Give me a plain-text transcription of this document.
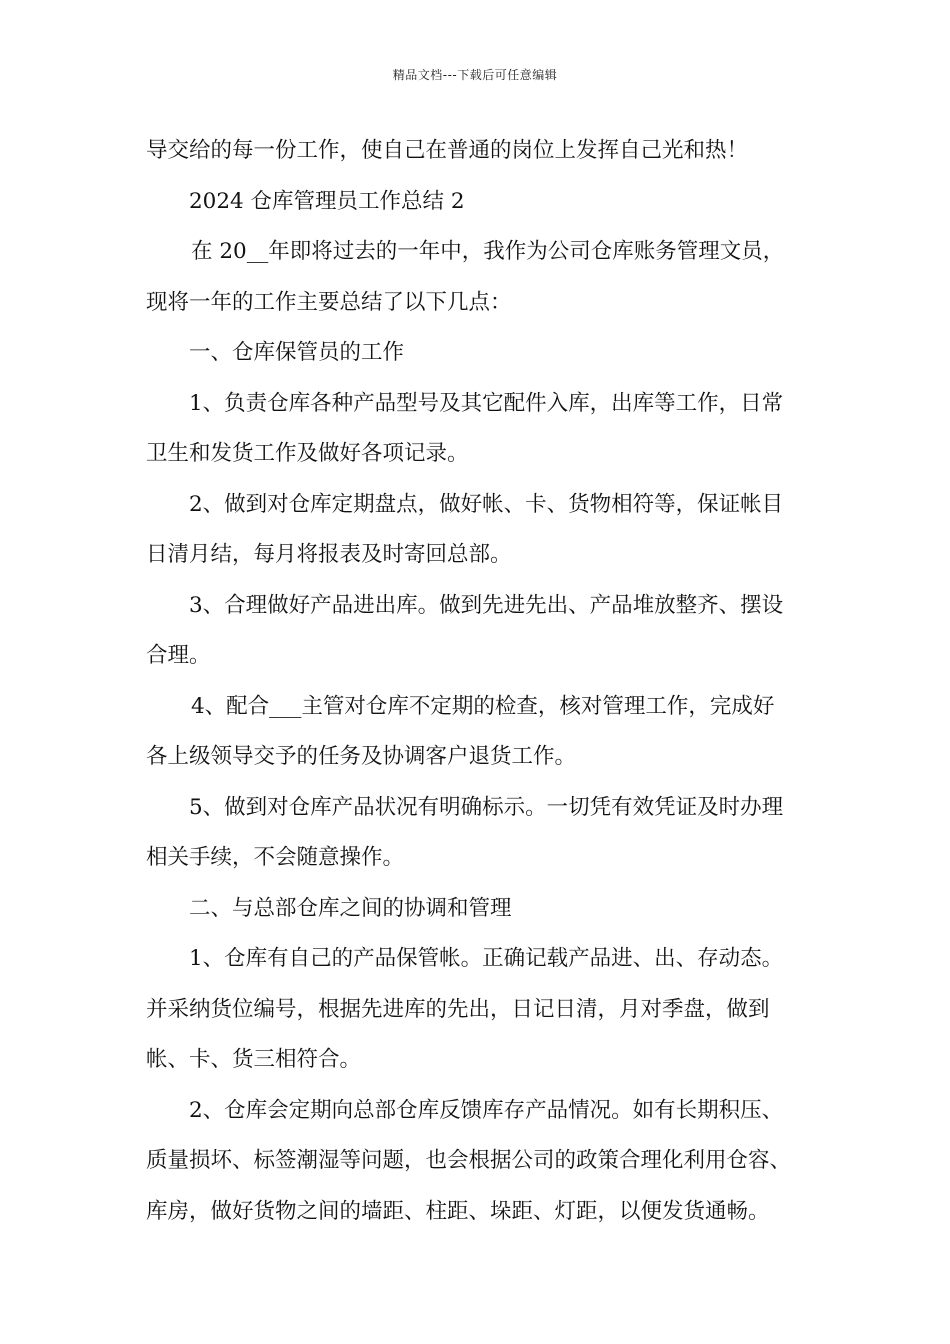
精品文档---下载后可任意编辑
导交给的每一份工作，使自己在普通的岗位上发挥自己光和热！
2024 仓库管理员工作总结 2
在 20__年即将过去的一年中，我作为公司仓库账务管理文员，
现将一年的工作主要总结了以下几点：
一、仓库保管员的工作
1、负责仓库各种产品型号及其它配件入库，出库等工作，日常
卫生和发货工作及做好各项记录。
2、做到对仓库定期盘点，做好帐、卡、货物相符等，保证帐目
日清月结，每月将报表及时寄回总部。
3、合理做好产品进出库。做到先进先出、产品堆放整齐、摆设
合理。
4、配合___主管对仓库不定期的检查，核对管理工作，完成好
各上级领导交予的任务及协调客户退货工作。
5、做到对仓库产品状况有明确标示。一切凭有效凭证及时办理
相关手续，不会随意操作。
二、与总部仓库之间的协调和管理
1、仓库有自己的产品保管帐。正确记载产品进、出、存动态。
并采纳货位编号，根据先进库的先出，日记日清，月对季盘，做到
帐、卡、货三相符合。
2、仓库会定期向总部仓库反馈库存产品情况。如有长期积压、
质量损坏、标签潮湿等问题，也会根据公司的政策合理化利用仓容、
库房，做好货物之间的墙距、柱距、垛距、灯距，以便发货通畅。
